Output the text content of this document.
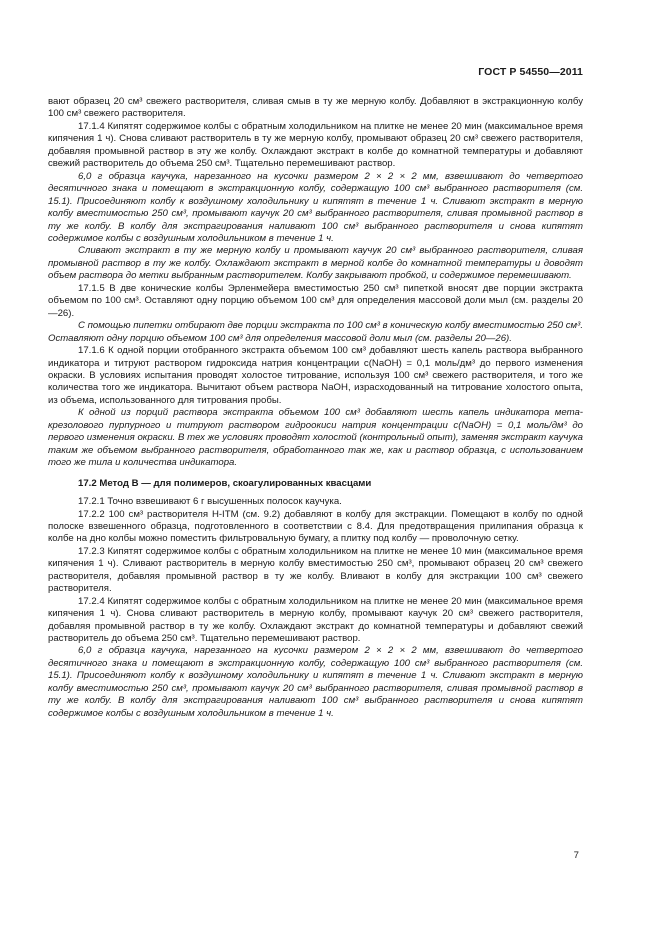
ГОСТ Р 54550—2011

вают образец 20 см³ свежего растворителя, сливая смыв в ту же мерную колбу. Добавляют в экстракционную колбу 100 см³ свежего растворителя.

17.1.4 Кипятят содержимое колбы с обратным холодильником на плитке не менее 20 мин (максимальное время кипячения 1 ч). Снова сливают растворитель в ту же мерную колбу, промывают образец 20 см³ свежего растворителя, добавляя промывной раствор в эту же колбу. Охлаждают экстракт в колбе до комнатной температуры и добавляют свежий растворитель до объема 250 см³. Тщательно перемешивают раствор.

6,0 г образца каучука, нарезанного на кусочки размером 2 × 2 × 2 мм, взвешивают до четвертого десятичного знака и помещают в экстракционную колбу, содержащую 100 см³ выбранного растворителя (см. 15.1). Присоединяют колбу к воздушному холодильнику и кипятят в течение 1 ч. Сливают экстракт в мерную колбу вместимостью 250 см³, промывают каучук 20 см³ выбранного растворителя, сливая промывной раствор в ту же колбу. В колбу для экстрагирования наливают 100 см³ выбранного растворителя и снова кипятят содержимое колбы с воздушным холодильником в течение 1 ч.

Сливают экстракт в ту же мерную колбу и промывают каучук 20 см³ выбранного растворителя, сливая промывной раствор в ту же колбу. Охлаждают экстракт в мерной колбе до комнатной температуры и доводят объем раствора до метки выбранным растворителем. Колбу закрывают пробкой, и содержимое перемешивают.

17.1.5 В две конические колбы Эрленмейера вместимостью 250 см³ пипеткой вносят две порции экстракта объемом по 100 см³. Оставляют одну порцию объемом 100 см³ для определения массовой доли мыл (см. разделы 20—26).

С помощью пипетки отбирают две порции экстракта по 100 см³ в коническую колбу вместимостью 250 см³. Оставляют одну порцию объемом 100 см³ для определения массовой доли мыл (см. разделы 20—26).

17.1.6 К одной порции отобранного экстракта объемом 100 см³ добавляют шесть капель раствора выбранного индикатора и титруют раствором гидроксида натрия концентрации c(NaOH) = 0,1 моль/дм³ до первого изменения окраски. В условиях испытания проводят холостое титрование, используя 100 см³ свежего растворителя, и того же количества того же индикатора. Вычитают объем раствора NaOH, израсходованный на титрование холостого опыта, из объема, использованного для титрования пробы.

К одной из порций раствора экстракта объемом 100 см³ добавляют шесть капель индикатора мета-крезолового пурпурного и титруют раствором гидроокиси натрия концентрации c(NaOH) = 0,1 моль/дм³ до первого изменения окраски. В тех же условиях проводят холостой (контрольный опыт), заменяя экстракт каучука таким же объемом выбранного растворителя, обработанного так же, как и раствор образца, с использованием того же тила и количества индикатора.

17.2 Метод В — для полимеров, скоагулированных квасцами

17.2.1 Точно взвешивают 6 г высушенных полосок каучука.

17.2.2 100 см³ растворителя Н-ITM (см. 9.2) добавляют в колбу для экстракции. Помещают в колбу по одной полоске взвешенного образца, подготовленного в соответствии с 8.4. Для предотвращения прилипания образца к колбе на дно колбы можно поместить фильтровальную бумагу, а плитку под колбу — проволочную сетку.

17.2.3 Кипятят содержимое колбы с обратным холодильником на плитке не менее 10 мин (максимальное время кипячения 1 ч). Сливают растворитель в мерную колбу вместимостью 250 см³, промывают образец 20 см³ свежего растворителя, добавляя промывной раствор в ту же колбу. Вливают в колбу для экстракции 100 см³ свежего растворителя.

17.2.4 Кипятят содержимое колбы с обратным холодильником на плитке не менее 20 мин (максимальное время кипячения 1 ч). Снова сливают растворитель в мерную колбу, промывают каучук 20 см³ свежего растворителя, добавляя промывной раствор в ту же колбу. Охлаждают экстракт до комнатной температуры и добавляют свежий растворитель до объема 250 см³. Тщательно перемешивают раствор.

6,0 г образца каучука, нарезанного на кусочки размером 2 × 2 × 2 мм, взвешивают до четвертого десятичного знака и помещают в экстракционную колбу, содержащую 100 см³ выбранного растворителя (см. 15.1). Присоединяют колбу к воздушному холодильнику и кипятят в течение 1 ч. Сливают экстракт в мерную колбу вместимостью 250 см³, промывают каучук 20 см³ выбранного растворителя, сливая промывной раствор в ту же колбу. В колбу для экстрагирования наливают 100 см³ выбранного растворителя и снова кипятят содержимое колбы с воздушным холодильником в течение 1 ч.

7
